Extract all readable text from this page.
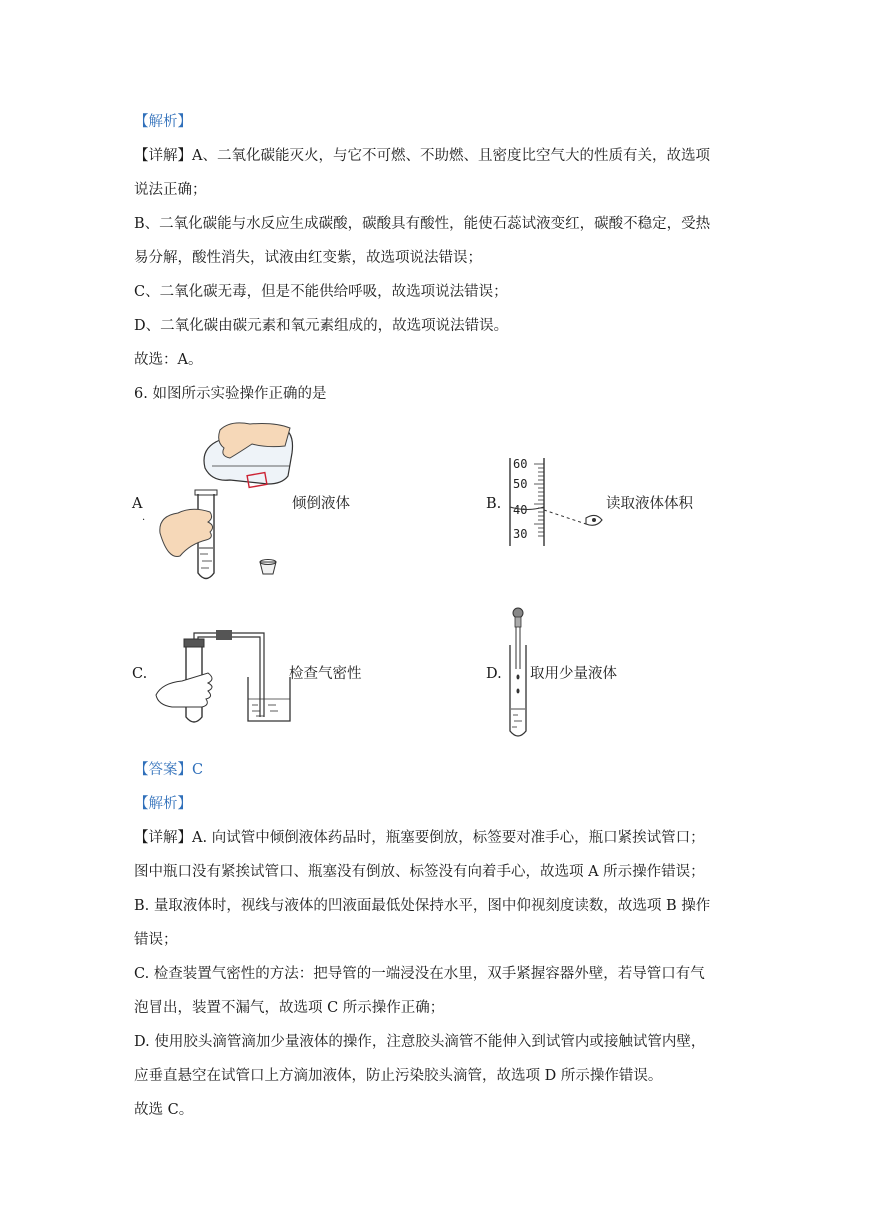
【解析】
【详解】A、二氧化碳能灭火，与它不可燃、不助燃、且密度比空气大的性质有关，故选项
说法正确；
B、二氧化碳能与水反应生成碳酸，碳酸具有酸性，能使石蕊试液变红，碳酸不稳定，受热
易分解，酸性消失，试液由红变紫，故选项说法错误；
C、二氧化碳无毒，但是不能供给呼吸，故选项说法错误；
D、二氧化碳由碳元素和氧元素组成的，故选项说法错误。
故选：A。
6. 如图所示实验操作正确的是
A
.
倾倒液体	B.
60
50
40
30
读取液体体积
C.	检查气密性	D. 取用少量液体
【答案】C
【解析】
【详解】A. 向试管中倾倒液体药品时，瓶塞要倒放，标签要对准手心，瓶口紧挨试管口；
图中瓶口没有紧挨试管口、瓶塞没有倒放、标签没有向着手心，故选项 A 所示操作错误；
B. 量取液体时，视线与液体的凹液面最低处保持水平，图中仰视刻度读数，故选项 B 操作
错误；
C. 检查装置气密性的方法：把导管的一端浸没在水里，双手紧握容器外壁，若导管口有气
泡冒出，装置不漏气，故选项 C 所示操作正确；
D. 使用胶头滴管滴加少量液体的操作，注意胶头滴管不能伸入到试管内或接触试管内壁，
应垂直悬空在试管口上方滴加液体，防止污染胶头滴管，故选项 D 所示操作错误。
故选 C。
